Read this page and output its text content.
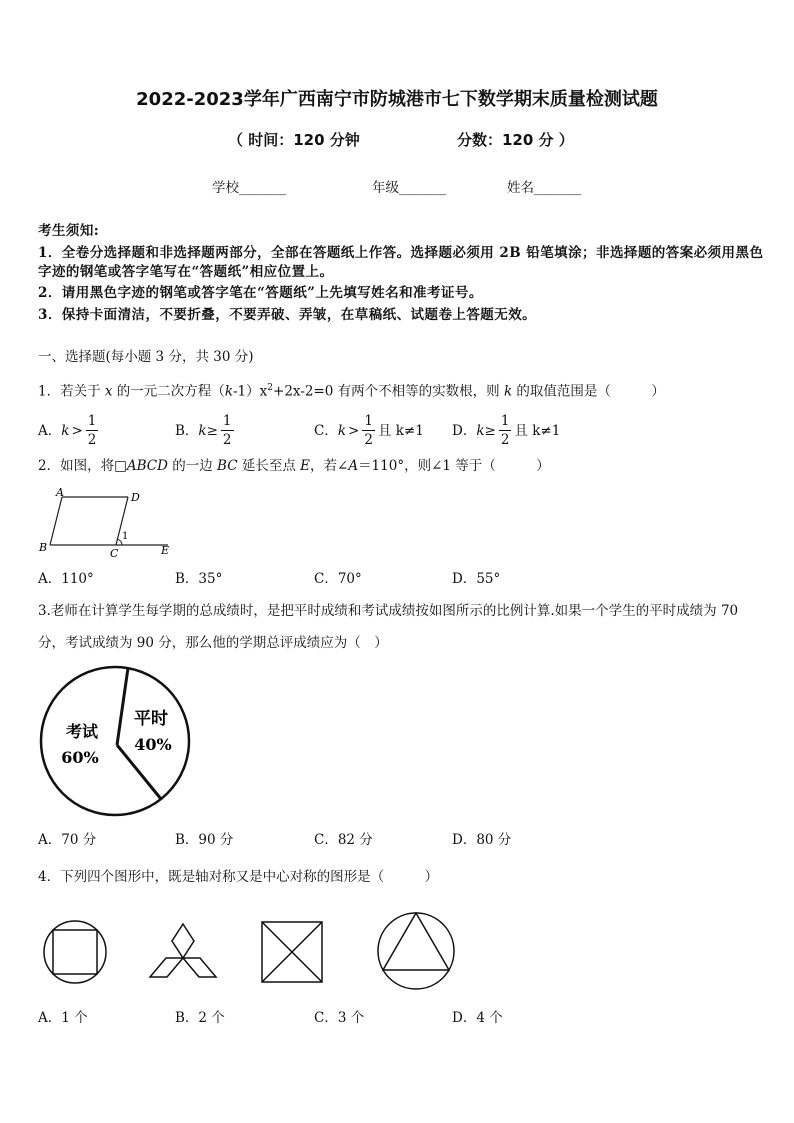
2022-2023学年广西南宁市防城港市七下数学期末质量检测试题
（ 时间：120 分钟	分数：120 分 ）
学校_______	年级_______	姓名_______
考生须知:
1．全卷分选择题和非选择题两部分，全部在答题纸上作答。选择题必须用 2B 铅笔填涂；非选择题的答案必须用黑色
字迹的钢笔或答字笔写在“答题纸”相应位置上。
2．请用黑色字迹的钢笔或答字笔在“答题纸”上先填写姓名和准考证号。
3．保持卡面清洁，不要折叠，不要弄破、弄皱，在草稿纸、试题卷上答题无效。
一、选择题(每小题 3 分，共 30 分)
1．若关于 x 的一元二次方程$(k-1)x^2+2x-2=0$ 有两个不相等的实数根，则 k 的取值范围是（　　　）
A． $k > \frac{1}{2}$	B． $k \ge \frac{1}{2}$	C． $k > \frac{1}{2}$ 且 k≠1 D． $k \ge \frac{1}{2}$ 且 k≠1
2．如图，将□ABCD 的一边 BC 延长至点 E，若∠A＝110°，则∠1 等于（　　　）
A	D
B	C	E
1
A．110°	B．35°	C．70°	D．55°
3.老师在计算学生每学期的总成绩时，是把平时成绩和考试成绩按如图所示的比例计算.如果一个学生的平时成绩为 70
分，考试成绩为 90 分，那么他的学期总评成绩应为（　）
考试
60%
平时
40%
A．70 分	B．90 分	C．82 分	D．80 分
4．下列四个图形中，既是轴对称又是中心对称的图形是（　　　）
A．1 个	B．2 个	C．3 个	D．4 个
